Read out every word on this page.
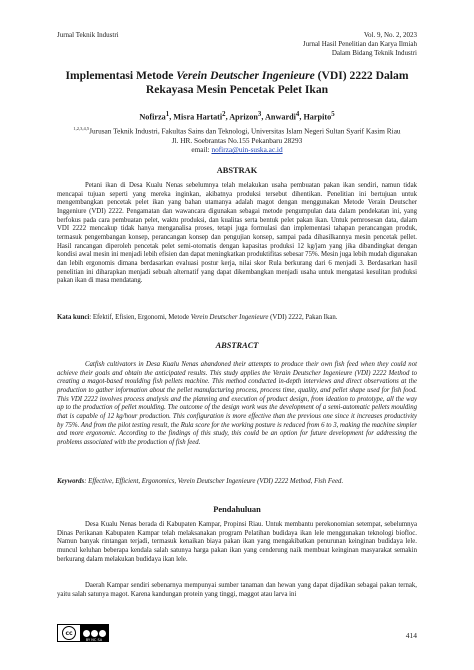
Jurnal Teknik Industri	Vol. 9, No. 2, 2023
Jurnal Hasil Penelitian dan Karya Ilmiah
Dalam Bidang Teknik Industri
Implementasi Metode Verein Deutscher Ingenieure (VDI) 2222 Dalam
Rekayasa Mesin Pencetak Pelet Ikan
Nofirza$^1$, Misra Hartati$^2$, Aprizon$^3$, Anwardi$^4$, Harpito$^5$
$^{1,2,3,4,5}$Jurusan Teknik Industri, Fakultas Sains dan Teknologi, Universitas Islam Negeri Sultan Syarif Kasim Riau
Jl. HR. Soebrantas No.155 Pekanbaru 28293
email: nofirza@uin-suska.ac.id
ABSTRAK
Petani ikan di Desa Kualu Nenas sebelumnya telah melakukan usaha pembuatan pakan ikan sendiri, namun tidak mencapai tujuan seperti yang mereka inginkan, akibatnya produksi tersebut dihentikan. Penelitian ini bertujuan untuk mengembangkan pencetak pelet ikan yang bahan utamanya adalah magot dengan menggunakan Metode Verain Deutscher Inggeniure (VDI) 2222. Pengamatan dan wawancara digunakan sebagai metode pengumpulan data dalam pendekatan ini, yang berfokus pada cara pembuatan pelet, waktu produksi, dan kualitas serta bentuk pelet pakan ikan. Untuk pemrosesan data, dalam VDI 2222 mencakup tidak hanya menganalisa proses, tetapi juga formulasi dan implementasi tahapan perancangan produk, termasuk pengembangan konsep, perancangan konsep dan pengujian konsep, sampai pada dihasilkannya mesin pencetak pellet. Hasil rancangan diperoleh pencetak pelet semi-otomatis dengan kapasitas produksi 12 kg/jam yang jika dibandingkat dengan kondisi awal mesin ini menjadi lebih efisien dan dapat meningkatkan produktifitas sebesar 75%. Mesin juga lebih mudah digunakan dan lebih ergonomis dimana berdasarkan evaluasi postur kerja, nilai skor Rula berkurang dari 6 menjadi 3. Berdasarkan hasil penelitian ini diharapkan menjadi sebuah alternatif yang dapat dikembangkan menjadi usaha untuk mengatasi kesulitan produksi pakan ikan di masa mendatang.
Kata kunci: Efektif, Efisien, Ergonomi, Metode Verein Deutscher Ingenieure (VDI) 2222, Pakan Ikan.
ABSTRACT
Catfish cultivators in Desa Kualu Nenas abandoned their attempts to produce their own fish feed when they could not achieve their goals and obtain the anticipated results. This study applies the Verain Deutscher Ingenieure (VDI) 2222 Method to creating a magot-based moulding fish pellets machine. This method conducted in-depth interviews and direct observations at the production to gather information about the pellet manufacturing process, process time, quality, and pellet shape used for fish food. This VDI 2222 involves process analysis and the planning and execution of product design, from ideation to prototype, all the way up to the production of pellet moulding. The outcome of the design work was the development of a semi-automatic pellets moulding that is capable of 12 kg/hour production. This configuration is more effective than the previous one since it increases productivity by 75%. And from the pilot testing result, the Rula score for the working posture is reduced from 6 to 3, making the machine simpler and more ergonomic. According to the findings of this study, this could be an option for future development for addressing the problems associated with the production of fish feed.
Keywords: Effective, Efficient, Ergonomics, Verein Deutscher Ingenieure (VDI) 2222 Method, Fish Feed.
Pendahuluan
Desa Kualu Nenas berada di Kabupaten Kampar, Propinsi Riau. Untuk membantu perekonomian setempat, sebelumnya Dinas Perikanan Kabupaten Kampar telah melaksanakan program Pelatihan budidaya ikan lele menggunakan teknologi biofloc. Namun banyak rintangan terjadi, termasuk kenaikan biaya pakan ikan yang mengakibatkan penurunan keinginan budidaya lele. muncul keluhan beberapa kendala salah satunya harga pakan ikan yang cenderung naik membuat keinginan masyarakat semakin berkurang dalam melakukan budidaya ikan lele.
Daerah Kampar sendiri sebenarnya mempunyai sumber tanaman dan hewan yang dapat dijadikan sebagai pakan ternak, yaitu salah satunya magot. Karena kandungan protein yang tinggi, maggot atau larva ini
cc
BY NC SA	414
